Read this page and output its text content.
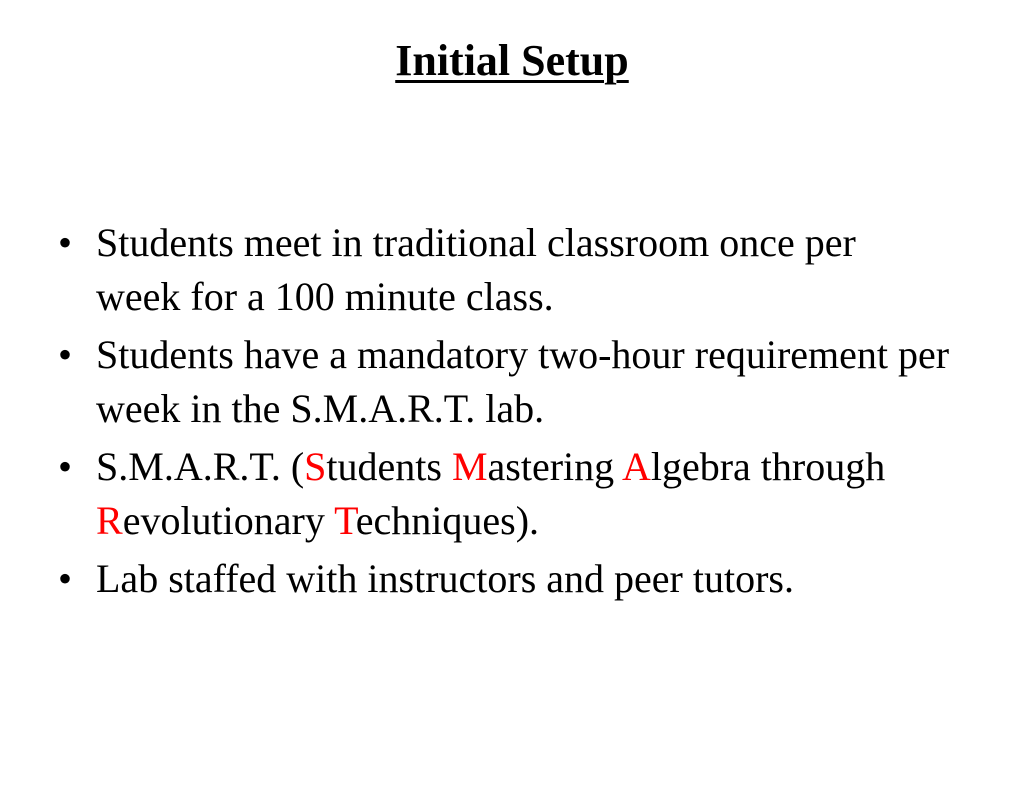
Initial Setup
• Students meet in traditional classroom once per week for a 100 minute class.
• Students have a mandatory two-hour requirement per week in the S.M.A.R.T. lab.
• S.M.A.R.T. (Students Mastering Algebra through Revolutionary Techniques).
• Lab staffed with instructors and peer tutors.
